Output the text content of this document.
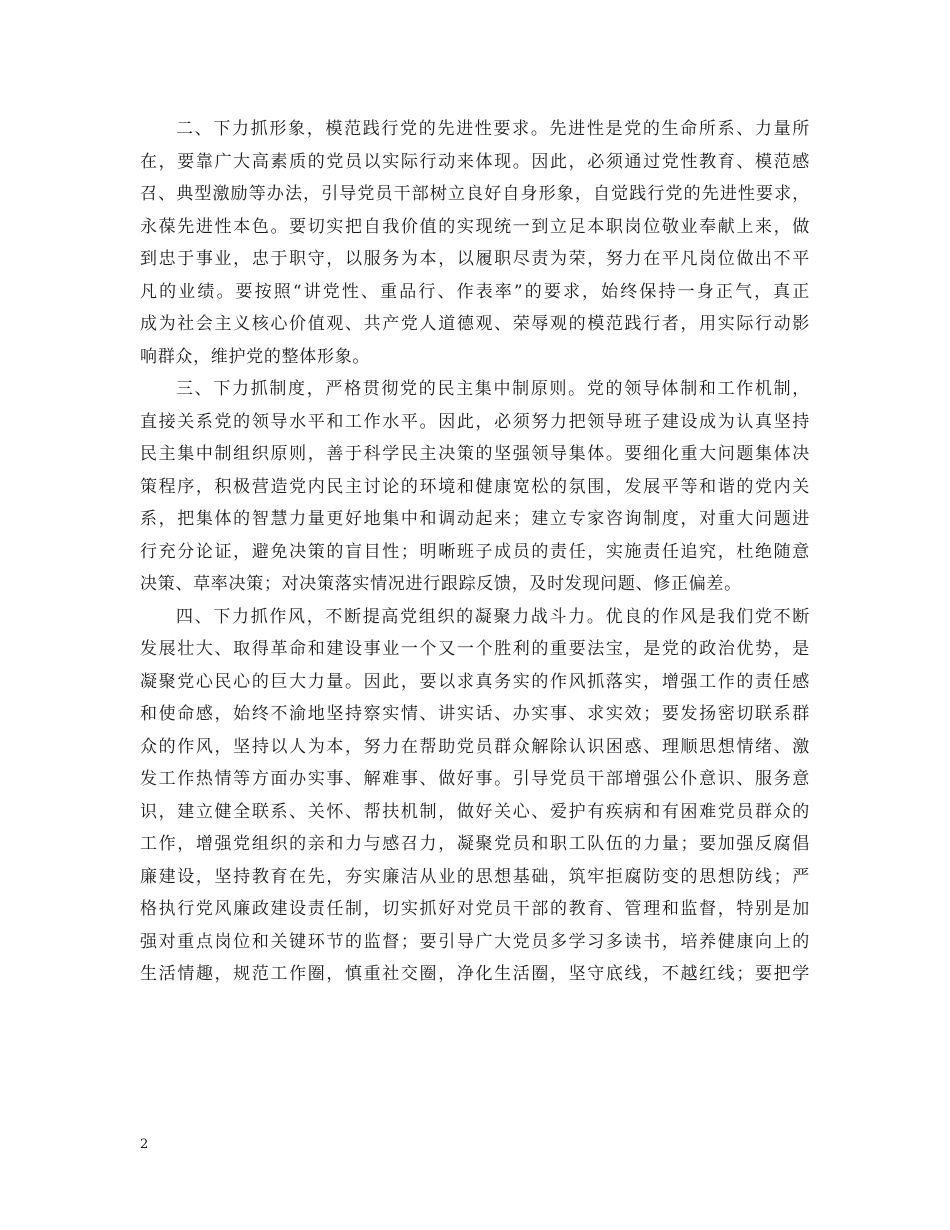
二、下力抓形象，模范践行党的先进性要求。先进性是党的生命所系、力量所
在，要靠广大高素质的党员以实际行动来体现。因此，必须通过党性教育、模范感
召、典型激励等办法，引导党员干部树立良好自身形象，自觉践行党的先进性要求，
永葆先进性本色。要切实把自我价值的实现统一到立足本职岗位敬业奉献上来，做
到忠于事业，忠于职守，以服务为本，以履职尽责为荣，努力在平凡岗位做出不平
凡的业绩。要按照“讲党性、重品行、作表率”的要求，始终保持一身正气，真正
成为社会主义核心价值观、共产党人道德观、荣辱观的模范践行者，用实际行动影
响群众，维护党的整体形象。
三、下力抓制度，严格贯彻党的民主集中制原则。党的领导体制和工作机制，
直接关系党的领导水平和工作水平。因此，必须努力把领导班子建设成为认真坚持
民主集中制组织原则，善于科学民主决策的坚强领导集体。要细化重大问题集体决
策程序，积极营造党内民主讨论的环境和健康宽松的氛围，发展平等和谐的党内关
系，把集体的智慧力量更好地集中和调动起来；建立专家咨询制度，对重大问题进
行充分论证，避免决策的盲目性；明晰班子成员的责任，实施责任追究，杜绝随意
决策、草率决策；对决策落实情况进行跟踪反馈，及时发现问题、修正偏差。
四、下力抓作风，不断提高党组织的凝聚力战斗力。优良的作风是我们党不断
发展壮大、取得革命和建设事业一个又一个胜利的重要法宝，是党的政治优势，是
凝聚党心民心的巨大力量。因此，要以求真务实的作风抓落实，增强工作的责任感
和使命感，始终不渝地坚持察实情、讲实话、办实事、求实效；要发扬密切联系群
众的作风，坚持以人为本，努力在帮助党员群众解除认识困惑、理顺思想情绪、激
发工作热情等方面办实事、解难事、做好事。引导党员干部增强公仆意识、服务意
识，建立健全联系、关怀、帮扶机制，做好关心、爱护有疾病和有困难党员群众的
工作，增强党组织的亲和力与感召力，凝聚党员和职工队伍的力量；要加强反腐倡
廉建设，坚持教育在先，夯实廉洁从业的思想基础，筑牢拒腐防变的思想防线；严
格执行党风廉政建设责任制，切实抓好对党员干部的教育、管理和监督，特别是加
强对重点岗位和关键环节的监督；要引导广大党员多学习多读书，培养健康向上的
生活情趣，规范工作圈，慎重社交圈，净化生活圈，坚守底线，不越红线；要把学
2
